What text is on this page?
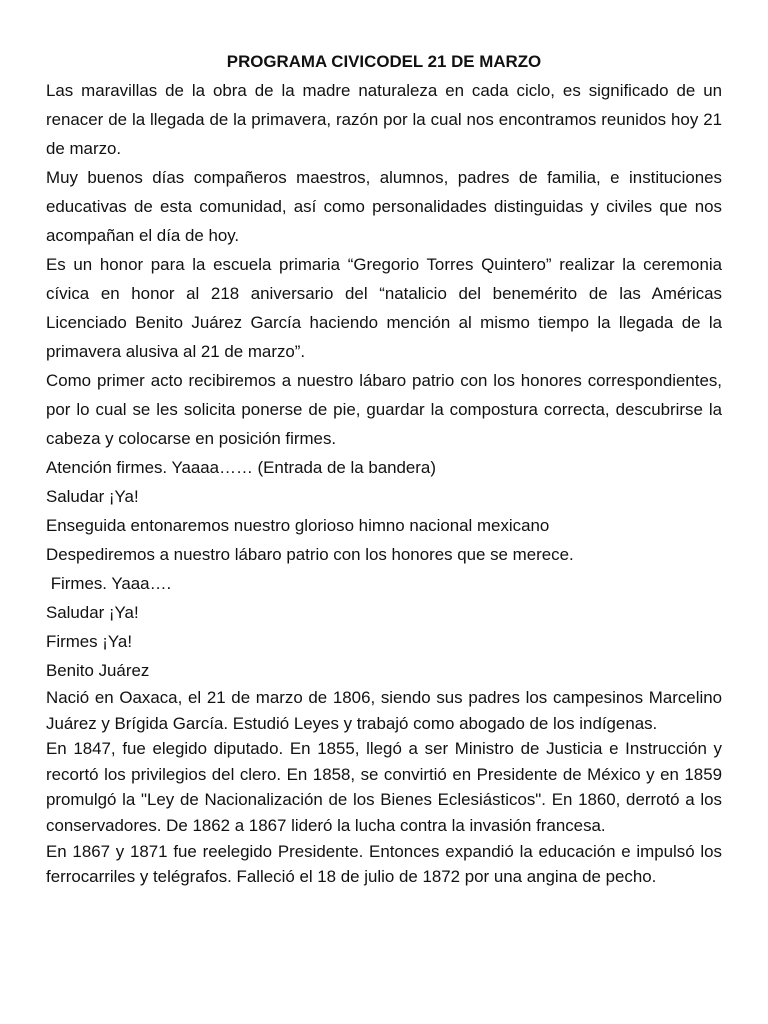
PROGRAMA CIVICODEL 21 DE MARZO

Las maravillas de la obra de la madre naturaleza en cada ciclo, es significado de un renacer de la llegada de la primavera, razón por la cual nos encontramos reunidos hoy 21 de marzo.

Muy buenos días compañeros maestros, alumnos, padres de familia, e instituciones educativas de esta comunidad, así como personalidades distinguidas y civiles que nos acompañan el día de hoy.

Es un honor para la escuela primaria “Gregorio Torres Quintero” realizar la ceremonia cívica en honor al 218 aniversario del “natalicio del benemérito de las Américas Licenciado Benito Juárez García haciendo mención al mismo tiempo la llegada de la primavera alusiva al 21 de marzo”.

Como primer acto recibiremos a nuestro lábaro patrio con los honores correspondientes, por lo cual se les solicita ponerse de pie, guardar la compostura correcta, descubrirse la cabeza y colocarse en posición firmes.

Atención firmes. Yaaaa…… (Entrada de la bandera)

Saludar ¡Ya!

Enseguida entonaremos nuestro glorioso himno nacional mexicano

Despediremos a nuestro lábaro patrio con los honores que se merece.

Firmes. Yaaa….

Saludar ¡Ya!

Firmes ¡Ya!

Benito Juárez

Nació en Oaxaca, el 21 de marzo de 1806, siendo sus padres los campesinos Marcelino Juárez y Brígida García. Estudió Leyes y trabajó como abogado de los indígenas.

En 1847, fue elegido diputado. En 1855, llegó a ser Ministro de Justicia e Instrucción y recortó los privilegios del clero. En 1858, se convirtió en Presidente de México y en 1859 promulgó la "Ley de Nacionalización de los Bienes Eclesiásticos". En 1860, derrotó a los conservadores. De 1862 a 1867 lideró la lucha contra la invasión francesa.

En 1867 y 1871 fue reelegido Presidente. Entonces expandió la educación e impulsó los ferrocarriles y telégrafos. Falleció el 18 de julio de 1872 por una angina de pecho.
